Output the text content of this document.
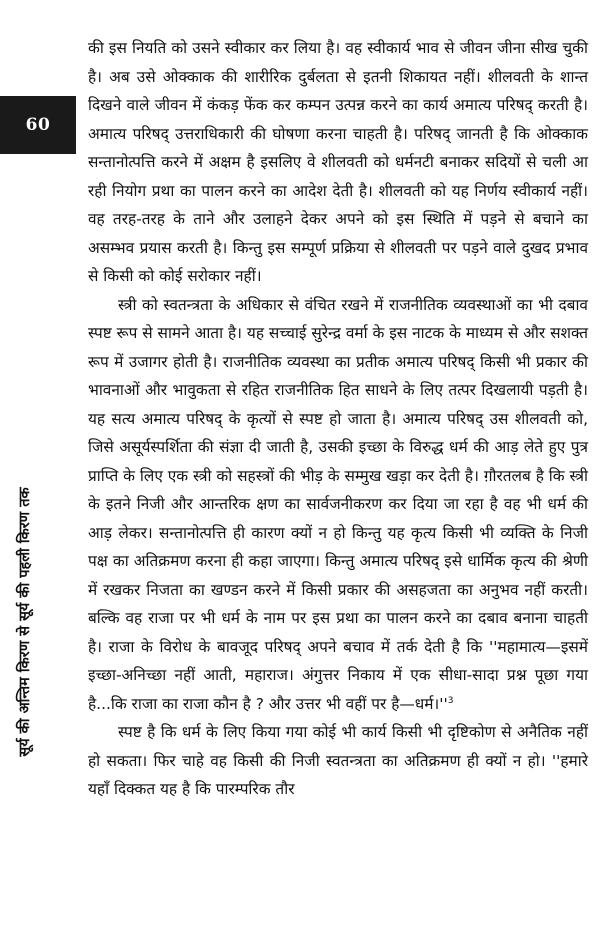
60
सूर्य की अन्तिम किरण से सूर्य की पहली किरण तक

की इस नियति को उसने स्वीकार कर लिया है। वह स्वीकार्य भाव से जीवन जीना सीख चुकी है। अब उसे ओक्काक की शारीरिक दुर्बलता से इतनी शिकायत नहीं। शीलवती के शान्त दिखने वाले जीवन में कंकड़ फेंक कर कम्पन उत्पन्न करने का कार्य अमात्य परिषद् करती है। अमात्य परिषद् उत्तराधिकारी की घोषणा करना चाहती है। परिषद् जानती है कि ओक्काक सन्तानोत्पत्ति करने में अक्षम है इसलिए वे शीलवती को धर्मनटी बनाकर सदियों से चली आ रही नियोग प्रथा का पालन करने का आदेश देती है। शीलवती को यह निर्णय स्वीकार्य नहीं। वह तरह-तरह के ताने और उलाहने देकर अपने को इस स्थिति में पड़ने से बचाने का असम्भव प्रयास करती है। किन्तु इस सम्पूर्ण प्रक्रिया से शीलवती पर पड़ने वाले दुखद प्रभाव से किसी को कोई सरोकार नहीं।

स्त्री को स्वतन्त्रता के अधिकार से वंचित रखने में राजनीतिक व्यवस्थाओं का भी दबाव स्पष्ट रूप से सामने आता है। यह सच्चाई सुरेन्द्र वर्मा के इस नाटक के माध्यम से और सशक्त रूप में उजागर होती है। राजनीतिक व्यवस्था का प्रतीक अमात्य परिषद् किसी भी प्रकार की भावनाओं और भावुकता से रहित राजनीतिक हित साधने के लिए तत्पर दिखलायी पड़ती है। यह सत्य अमात्य परिषद् के कृत्यों से स्पष्ट हो जाता है। अमात्य परिषद् उस शीलवती को, जिसे असूर्यस्पर्शिता की संज्ञा दी जाती है, उसकी इच्छा के विरुद्ध धर्म की आड़ लेते हुए पुत्र प्राप्ति के लिए एक स्त्री को सहस्त्रों की भीड़ के सम्मुख खड़ा कर देती है। ग़ौरतलब है कि स्त्री के इतने निजी और आन्तरिक क्षण का सार्वजनीकरण कर दिया जा रहा है वह भी धर्म की आड़ लेकर। सन्तानोत्पत्ति ही कारण क्यों न हो किन्तु यह कृत्य किसी भी व्यक्ति के निजी पक्ष का अतिक्रमण करना ही कहा जाएगा। किन्तु अमात्य परिषद् इसे धार्मिक कृत्य की श्रेणी में रखकर निजता का खण्डन करने में किसी प्रकार की असहजता का अनुभव नहीं करती। बल्कि वह राजा पर भी धर्म के नाम पर इस प्रथा का पालन करने का दबाव बनाना चाहती है। राजा के विरोध के बावजूद परिषद् अपने बचाव में तर्क देती है कि ''महामात्य—इसमें इच्छा-अनिच्छा नहीं आती, महाराज। अंगुत्तर निकाय में एक सीधा-सादा प्रश्न पूछा गया है...कि राजा का राजा कौन है ? और उत्तर भी वहीं पर $है—धर्म।''^3$

स्पष्ट है कि धर्म के लिए किया गया कोई भी कार्य किसी भी दृष्टिकोण से अनैतिक नहीं हो सकता। फिर चाहे वह किसी की निजी स्वतन्त्रता का अतिक्रमण ही क्यों न हो। ''हमारे यहाँ दिक्कत यह है कि पारम्परिक तौर
